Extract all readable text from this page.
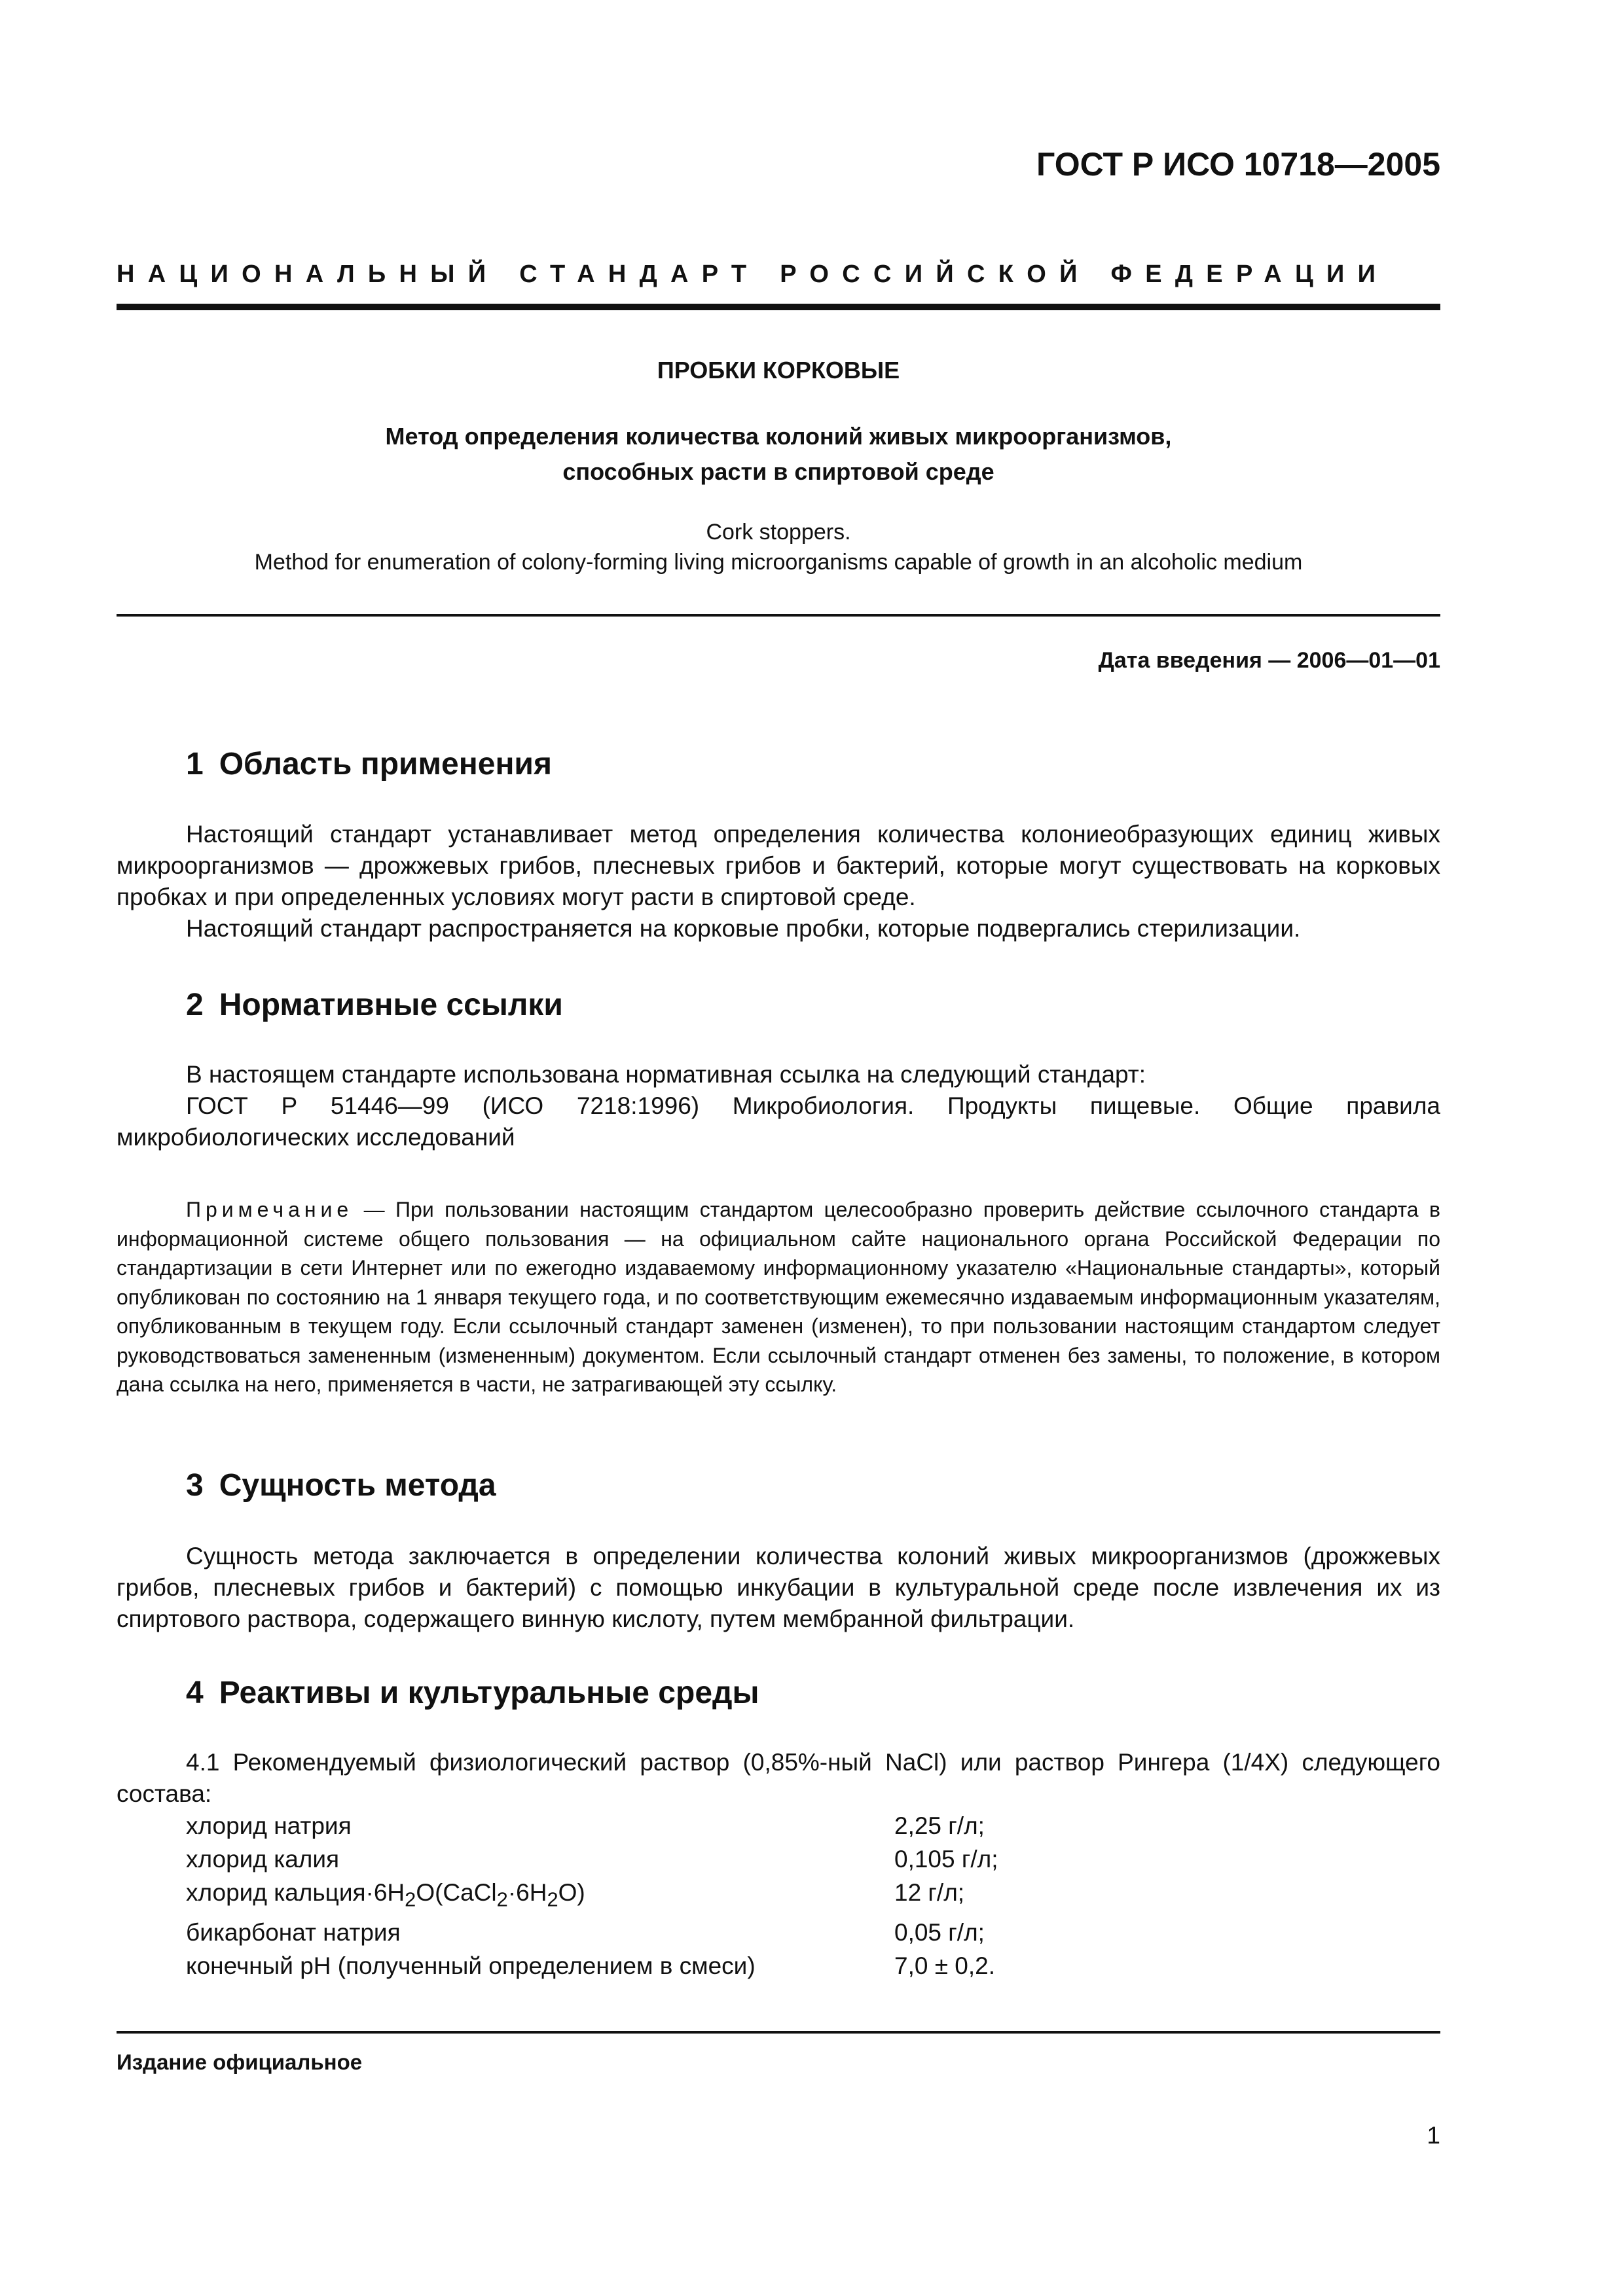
ГОСТ Р ИСО 10718—2005
НАЦИОНАЛЬНЫЙ СТАНДАРТ РОССИЙСКОЙ ФЕДЕРАЦИИ
ПРОБКИ КОРКОВЫЕ
Метод определения количества колоний живых микроорганизмов,
способных расти в спиртовой среде
Cork stoppers.
Method for enumeration of colony-forming living microorganisms capable of growth in an alcoholic medium
Дата введения — 2006—01—01
1 Область применения

Настоящий стандарт устанавливает метод определения количества колониеобразующих единиц живых микроорганизмов — дрожжевых грибов, плесневых грибов и бактерий, которые могут существовать на корковых пробках и при определенных условиях могут расти в спиртовой среде.

Настоящий стандарт распространяется на корковые пробки, которые подвергались стерилизации.

2 Нормативные ссылки

В настоящем стандарте использована нормативная ссылка на следующий стандарт:

ГОСТ Р 51446—99 (ИСО 7218:1996) Микробиология. Продукты пищевые. Общие правила микробиологических исследований

Примечание — При пользовании настоящим стандартом целесообразно проверить действие ссылочного стандарта в информационной системе общего пользования — на официальном сайте национального органа Российской Федерации по стандартизации в сети Интернет или по ежегодно издаваемому информационному указателю «Национальные стандарты», который опубликован по состоянию на 1 января текущего года, и по соответствующим ежемесячно издаваемым информационным указателям, опубликованным в текущем году. Если ссылочный стандарт заменен (изменен), то при пользовании настоящим стандартом следует руководствоваться замененным (измененным) документом. Если ссылочный стандарт отменен без замены, то положение, в котором дана ссылка на него, применяется в части, не затрагивающей эту ссылку.

3 Сущность метода

Сущность метода заключается в определении количества колоний живых микроорганизмов (дрожжевых грибов, плесневых грибов и бактерий) с помощью инкубации в культуральной среде после извлечения их из спиртового раствора, содержащего винную кислоту, путем мембранной фильтрации.

4 Реактивы и культуральные среды

4.1 Рекомендуемый физиологический раствор (0,85%-ный NaCl) или раствор Рингера (1/4X) следующего состава:

хлорид натрия	2,25 г/л;
хлорид калия	0,105 г/л;
хлорид $кальция\cdot 6H_2O(CaCl_2\cdot 6H_2O)$	12 г/л;
бикарбонат натрия	0,05 г/л;
конечный pH (полученный определением в смеси)	7,0 ± 0,2.
Издание официальное
1
